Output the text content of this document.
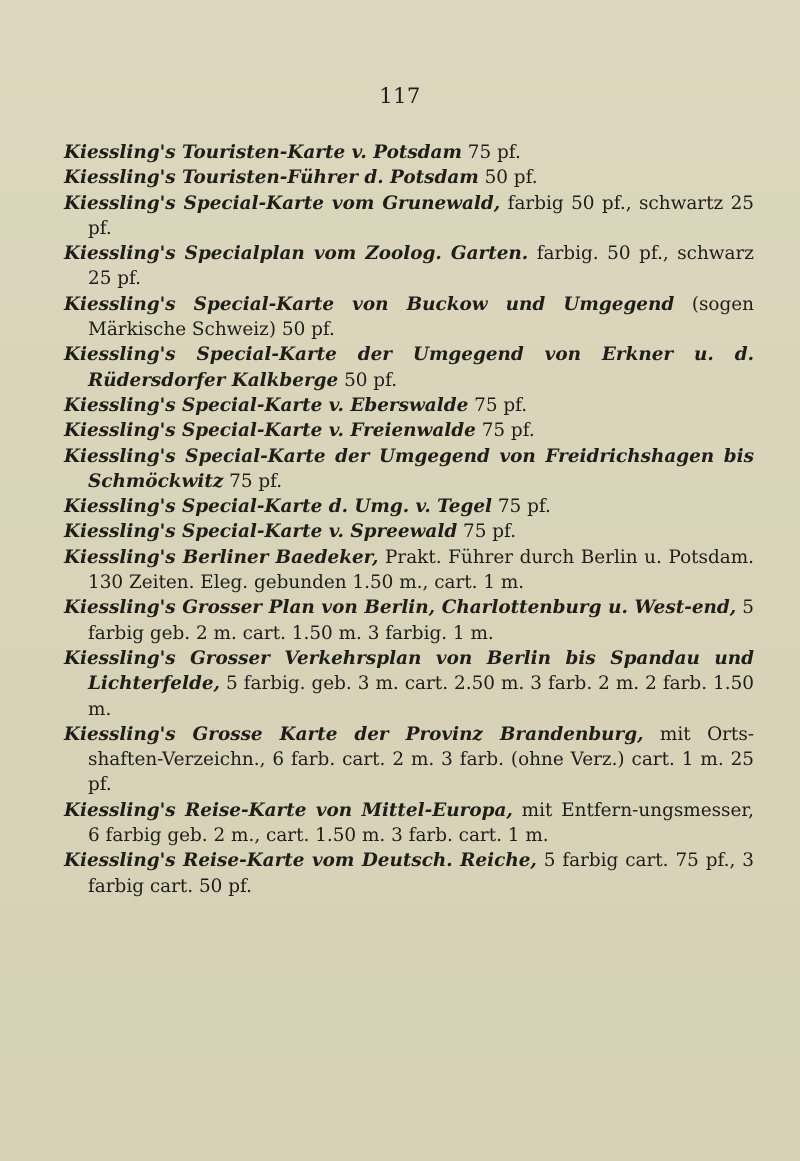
117
Kiessling's Touristen-Karte v. Potsdam 75 pf.
Kiessling's Touristen-Führer d. Potsdam 50 pf.
Kiessling's Special-Karte vom Grunewald, farbig 50 pf., schwartz 25 pf.
Kiessling's Specialplan vom Zoolog. Garten. farbig. 50 pf., schwarz 25 pf.
Kiessling's Special-Karte von Buckow und Umgegend (sogen Märkische Schweiz) 50 pf.
Kiessling's Special-Karte der Umgegend von Erkner u. d. Rüdersdorfer Kalkberge 50 pf.
Kiessling's Special-Karte v. Eberswalde 75 pf.
Kiessling's Special-Karte v. Freienwalde 75 pf.
Kiessling's Special-Karte der Umgegend von Freidrichshagen bis Schmöckwitz 75 pf.
Kiessling's Special-Karte d. Umg. v. Tegel 75 pf.
Kiessling's Special-Karte v. Spreewald 75 pf.
Kiessling's Berliner Baedeker, Prakt. Führer durch Berlin u. Potsdam. 130 Zeiten. Eleg. gebunden 1.50 m., cart. 1 m.
Kiessling's Grosser Plan von Berlin, Charlottenburg u. West-end, 5 farbig geb. 2 m. cart. 1.50 m. 3 farbig. 1 m.
Kiessling's Grosser Verkehrsplan von Berlin bis Spandau und Lichterfelde, 5 farbig. geb. 3 m. cart. 2.50 m. 3 farb. 2 m. 2 farb. 1.50 m.
Kiessling's Grosse Karte der Provinz Brandenburg, mit Orts-shaften-Verzeichn., 6 farb. cart. 2 m. 3 farb. (ohne Verz.) cart. 1 m. 25 pf.
Kiessling's Reise-Karte von Mittel-Europa, mit Entfern-ungsmesser, 6 farbig geb. 2 m., cart. 1.50 m. 3 farb. cart. 1 m.
Kiessling's Reise-Karte vom Deutsch. Reiche, 5 farbig cart. 75 pf., 3 farbig cart. 50 pf.
